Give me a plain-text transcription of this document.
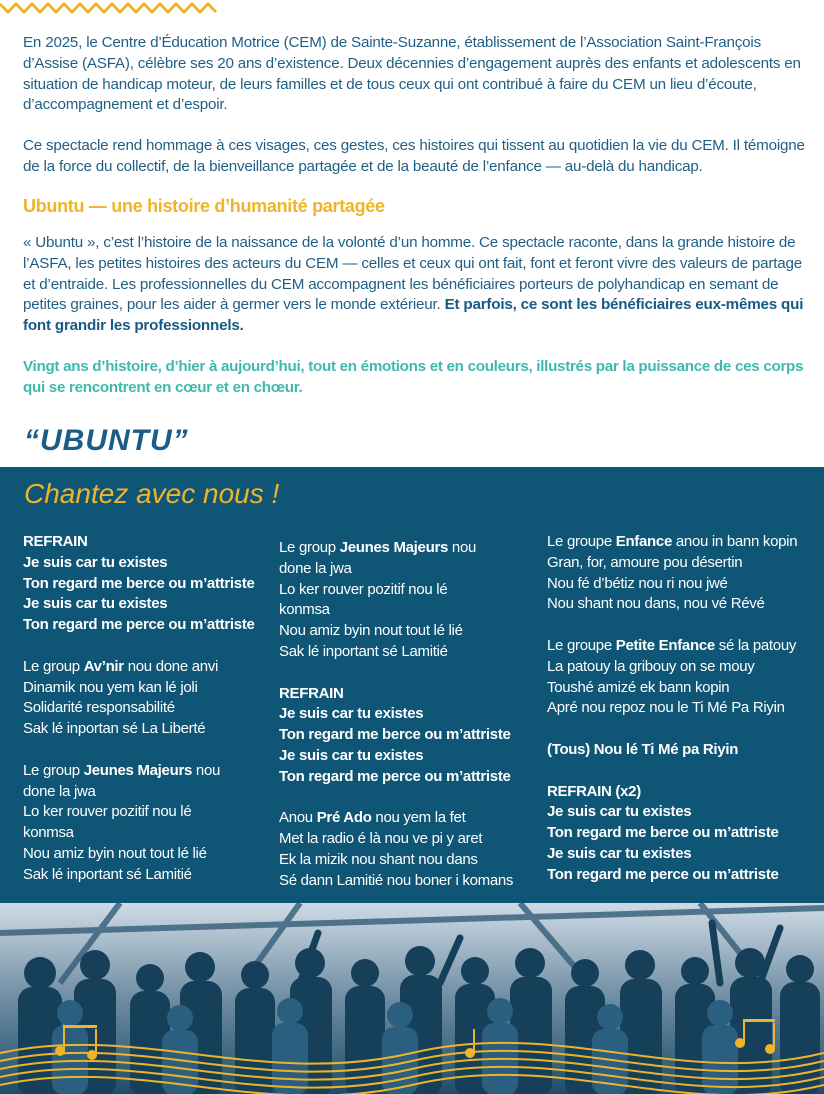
En 2025, le Centre d’Éducation Motrice (CEM) de Sainte-Suzanne, établissement de l’Association Saint-François d’Assise (ASFA), célèbre ses 20 ans d’existence. Deux décennies d’engagement auprès des enfants et adolescents en situation de handicap moteur, de leurs familles et de tous ceux qui ont contribué à faire du CEM un lieu d’écoute, d’accompagnement et d’espoir.

Ce spectacle rend hommage à ces visages, ces gestes, ces histoires qui tissent au quotidien la vie du CEM. Il témoigne de la force du collectif, de la bienveillance partagée et de la beauté de l’enfance — au-delà du handicap.

Ubuntu — une histoire d’humanité partagée

« Ubuntu », c’est l’histoire de la naissance de la volonté d’un homme. Ce spectacle raconte, dans la grande histoire de l’ASFA, les petites histoires des acteurs du CEM — celles et ceux qui ont fait, font et feront vivre des valeurs de partage et d’entraide. Les professionnelles du CEM accompagnent les bénéficiaires porteurs de polyhandicap en semant de petites graines, pour les aider à germer vers le monde extérieur. Et parfois, ce sont les bénéficiaires eux-mêmes qui font grandir les professionnels.

Vingt ans d’histoire, d’hier à aujourd’hui, tout en émotions et en couleurs, illustrés par la puissance de ces corps qui se rencontrent en cœur et en chœur.
“UBUNTU”
Chantez avec nous !
REFRAIN
Je suis car tu existes
Ton regard me berce ou m’attriste
Je suis car tu existes
Ton regard me perce ou m’attriste
Le group Av’nir nou done anvi
Dinamik nou yem kan lé joli
Solidarité responsabilité
Sak lé inportan sé La Liberté
Le group Jeunes Majeurs nou
done la jwa
Lo ker rouver pozitif nou lé
konmsa
Nou amiz byin nout tout lé lié
Sak lé inportant sé Lamitié
Le group Jeunes Majeurs nou
done la jwa
Lo ker rouver pozitif nou lé
konmsa
Nou amiz byin nout tout lé lié
Sak lé inportant sé Lamitié
REFRAIN
Je suis car tu existes
Ton regard me berce ou m’attriste
Je suis car tu existes
Ton regard me perce ou m’attriste
Anou Pré Ado nou yem la fet
Met la radio é là nou ve pi y aret
Ek la mizik nou shant nou dans
Sé dann Lamitié nou boner i komans
Le groupe Enfance anou in bann kopin
Gran, for, amoure pou désertin
Nou fé d’bétiz nou ri nou jwé
Nou shant nou dans, nou vé Révé
Le groupe Petite Enfance sé la patouy
La patouy la gribouy on se mouy
Toushé amizé ek bann kopin
Apré nou repoz nou le Ti Mé Pa Riyin
(Tous) Nou lé Ti Mé pa Riyin
REFRAIN (x2)
Je suis car tu existes
Ton regard me berce ou m’attriste
Je suis car tu existes
Ton regard me perce ou m’attriste
